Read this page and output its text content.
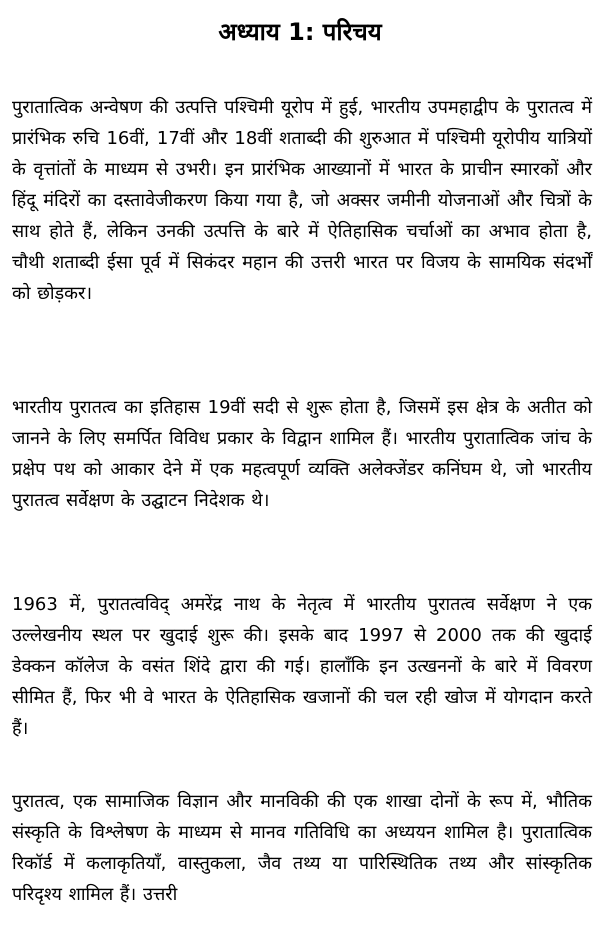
अध्याय 1: परिचय

पुरातात्विक अन्वेषण की उत्पत्ति पश्चिमी यूरोप में हुई, भारतीय उपमहाद्वीप के पुरातत्व में प्रारंभिक रुचि 16वीं, 17वीं और 18वीं शताब्दी की शुरुआत में पश्चिमी यूरोपीय यात्रियों के वृत्तांतों के माध्यम से उभरी। इन प्रारंभिक आख्यानों में भारत के प्राचीन स्मारकों और हिंदू मंदिरों का दस्तावेजीकरण किया गया है, जो अक्सर जमीनी योजनाओं और चित्रों के साथ होते हैं, लेकिन उनकी उत्पत्ति के बारे में ऐतिहासिक चर्चाओं का अभाव होता है, चौथी शताब्दी ईसा पूर्व में सिकंदर महान की उत्तरी भारत पर विजय के सामयिक संदर्भों को छोड़कर।

भारतीय पुरातत्व का इतिहास 19वीं सदी से शुरू होता है, जिसमें इस क्षेत्र के अतीत को जानने के लिए समर्पित विविध प्रकार के विद्वान शामिल हैं। भारतीय पुरातात्विक जांच के प्रक्षेप पथ को आकार देने में एक महत्वपूर्ण व्यक्ति अलेक्जेंडर कनिंघम थे, जो भारतीय पुरातत्व सर्वेक्षण के उद्घाटन निदेशक थे।

1963 में, पुरातत्वविद् अमरेंद्र नाथ के नेतृत्व में भारतीय पुरातत्व सर्वेक्षण ने एक उल्लेखनीय स्थल पर खुदाई शुरू की। इसके बाद 1997 से 2000 तक की खुदाई डेक्कन कॉलेज के वसंत शिंदे द्वारा की गई। हालाँकि इन उत्खननों के बारे में विवरण सीमित हैं, फिर भी वे भारत के ऐतिहासिक खजानों की चल रही खोज में योगदान करते हैं।

पुरातत्व, एक सामाजिक विज्ञान और मानविकी की एक शाखा दोनों के रूप में, भौतिक संस्कृति के विश्लेषण के माध्यम से मानव गतिविधि का अध्ययन शामिल है। पुरातात्विक रिकॉर्ड में कलाकृतियाँ, वास्तुकला, जैव तथ्य या पारिस्थितिक तथ्य और सांस्कृतिक परिदृश्य शामिल हैं। उत्तरी
